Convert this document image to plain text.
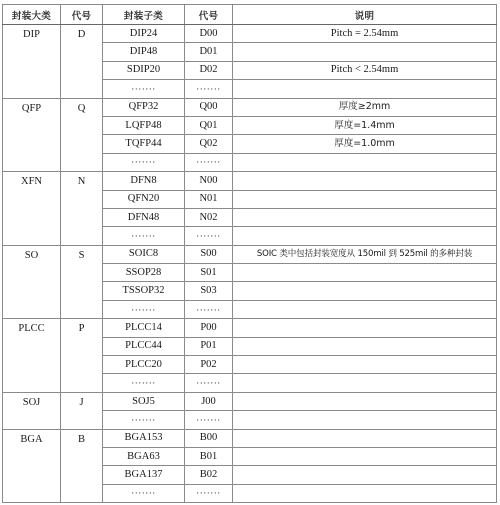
封装大类	代号	封装子类	代号	说明
DIP	D	DIP24	D00	Pitch = 2.54mm
		DIP48	D01	
		SDIP20	D02	Pitch < 2.54mm
		·······	·······	
QFP	Q	QFP32	Q00	厚度≥2mm
		LQFP48	Q01	厚度=1.4mm
		TQFP44	Q02	厚度=1.0mm
		·······	·······	
XFN	N	DFN8	N00	
		QFN20	N01	
		DFN48	N02	
		·······	·······	
SO	S	SOIC8	S00	SOIC 类中包括封装宽度从 150mil 到 525mil 的多种封装
		SSOP28	S01	
		TSSOP32	S03	
		·······	·······	
PLCC	P	PLCC14	P00	
		PLCC44	P01	
		PLCC20	P02	
		·······	·······	
SOJ	J	SOJ5	J00	
		·······	·······	
BGA	B	BGA153	B00	
		BGA63	B01	
		BGA137	B02	
		·······	·······	
